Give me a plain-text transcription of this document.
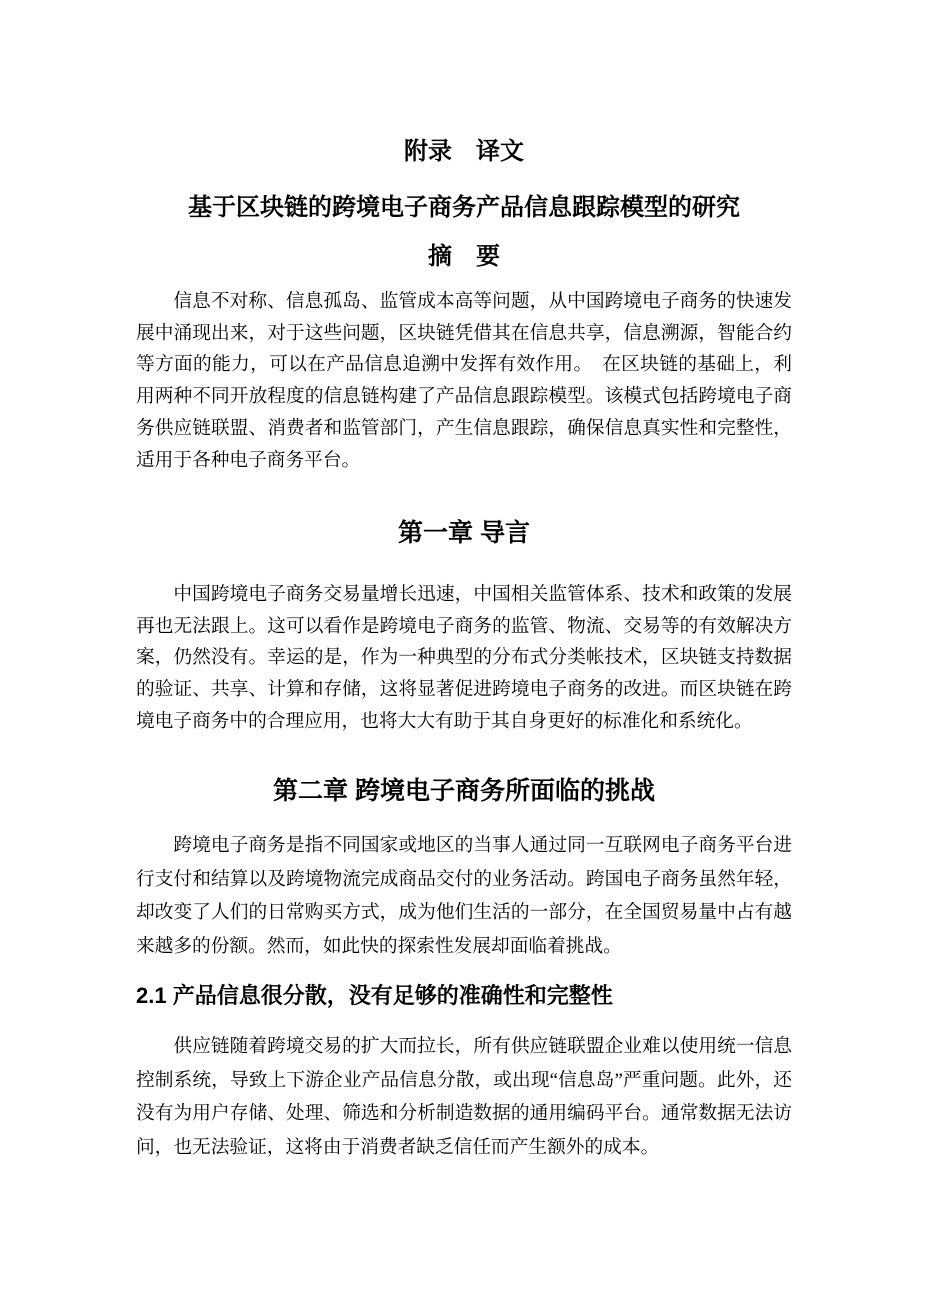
附录　译文
基于区块链的跨境电子商务产品信息跟踪模型的研究
摘　要

信息不对称、信息孤岛、监管成本高等问题，从中国跨境电子商务的快速发展中涌现出来，对于这些问题，区块链凭借其在信息共享，信息溯源，智能合约等方面的能力，可以在产品信息追溯中发挥有效作用。　在区块链的基础上，利用两种不同开放程度的信息链构建了产品信息跟踪模型。该模式包括跨境电子商务供应链联盟、消费者和监管部门，产生信息跟踪，确保信息真实性和完整性，适用于各种电子商务平台。

第一章 导言

中国跨境电子商务交易量增长迅速，中国相关监管体系、技术和政策的发展再也无法跟上。这可以看作是跨境电子商务的监管、物流、交易等的有效解决方案，仍然没有。幸运的是，作为一种典型的分布式分类帐技术，区块链支持数据的验证、共享、计算和存储，这将显著促进跨境电子商务的改进。而区块链在跨境电子商务中的合理应用，也将大大有助于其自身更好的标准化和系统化。

第二章 跨境电子商务所面临的挑战

跨境电子商务是指不同国家或地区的当事人通过同一互联网电子商务平台进行支付和结算以及跨境物流完成商品交付的业务活动。跨国电子商务虽然年轻，却改变了人们的日常购买方式，成为他们生活的一部分，在全国贸易量中占有越来越多的份额。然而，如此快的探索性发展却面临着挑战。

2.1 产品信息很分散，没有足够的准确性和完整性

供应链随着跨境交易的扩大而拉长，所有供应链联盟企业难以使用统一信息控制系统，导致上下游企业产品信息分散，或出现“信息岛”严重问题。此外，还没有为用户存储、处理、筛选和分析制造数据的通用编码平台。通常数据无法访问，也无法验证，这将由于消费者缺乏信任而产生额外的成本。
